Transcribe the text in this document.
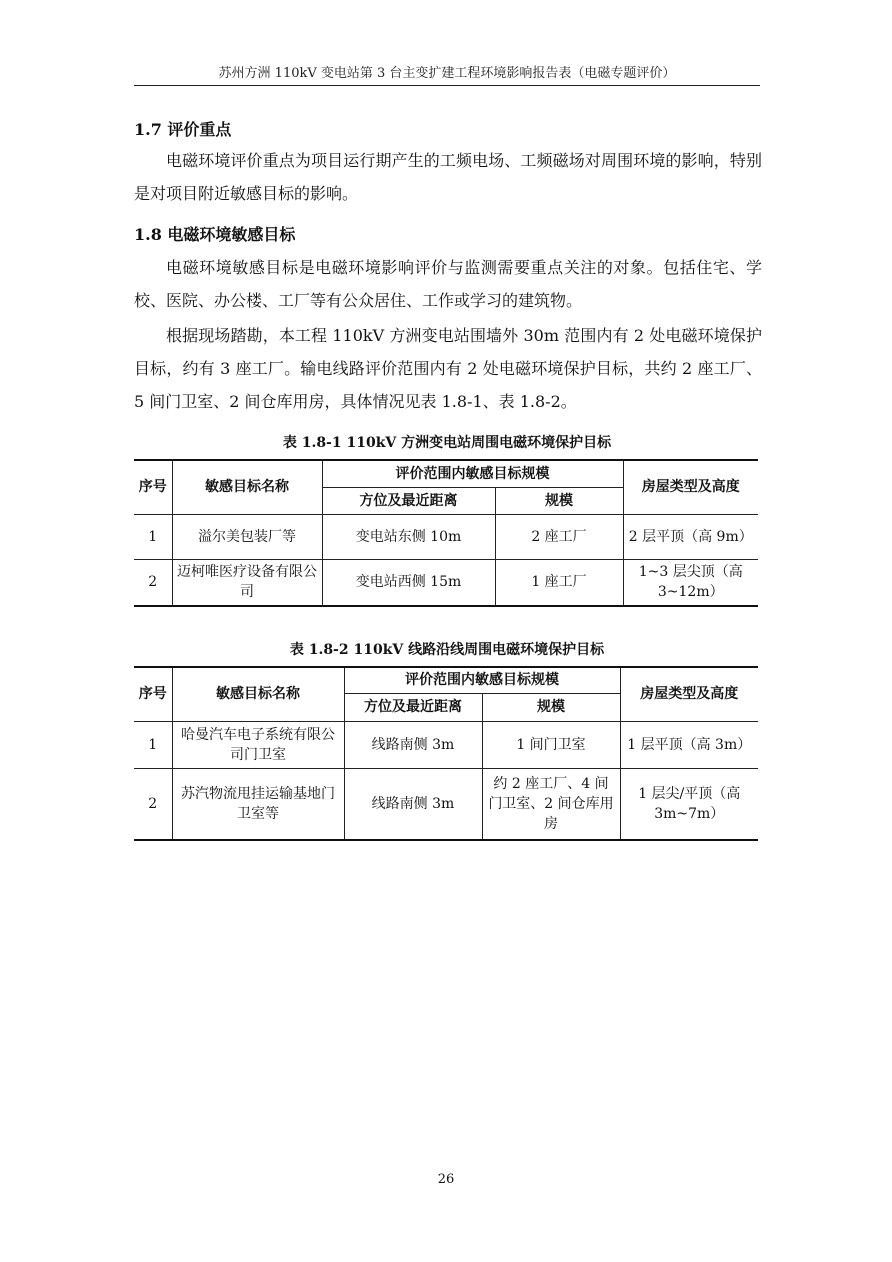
苏州方洲 110kV 变电站第 3 台主变扩建工程环境影响报告表（电磁专题评价）
1.7 评价重点

电磁环境评价重点为项目运行期产生的工频电场、工频磁场对周围环境的影响，特别是对项目附近敏感目标的影响。

1.8 电磁环境敏感目标

电磁环境敏感目标是电磁环境影响评价与监测需要重点关注的对象。包括住宅、学校、医院、办公楼、工厂等有公众居住、工作或学习的建筑物。

根据现场踏勘，本工程 110kV 方洲变电站围墙外 30m 范围内有 2 处电磁环境保护目标，约有 3 座工厂。输电线路评价范围内有 2 处电磁环境保护目标，共约 2 座工厂、5 间门卫室、2 间仓库用房，具体情况见表 1.8-1、表 1.8-2。

表 1.8-1 110kV 方洲变电站周围电磁环境保护目标
序号	敏感目标名称	评价范围内敏感目标规模		房屋类型及高度
		方位及最近距离	规模	
1	溢尔美包装厂等	变电站东侧 10m	2 座工厂	2 层平顶（高 9m）
2	迈柯唯医疗设备有限公司	变电站西侧 15m	1 座工厂	1~3 层尖顶（高 3~12m）
表 1.8-2 110kV 线路沿线周围电磁环境保护目标
序号	敏感目标名称	评价范围内敏感目标规模		房屋类型及高度
		方位及最近距离	规模	
1	哈曼汽车电子系统有限公司门卫室	线路南侧 3m	1 间门卫室	1 层平顶（高 3m）
2	苏汽物流甩挂运输基地门卫室等	线路南侧 3m	约 2 座工厂、4 间门卫室、2 间仓库用房	1 层尖/平顶（高 3m~7m）
26
